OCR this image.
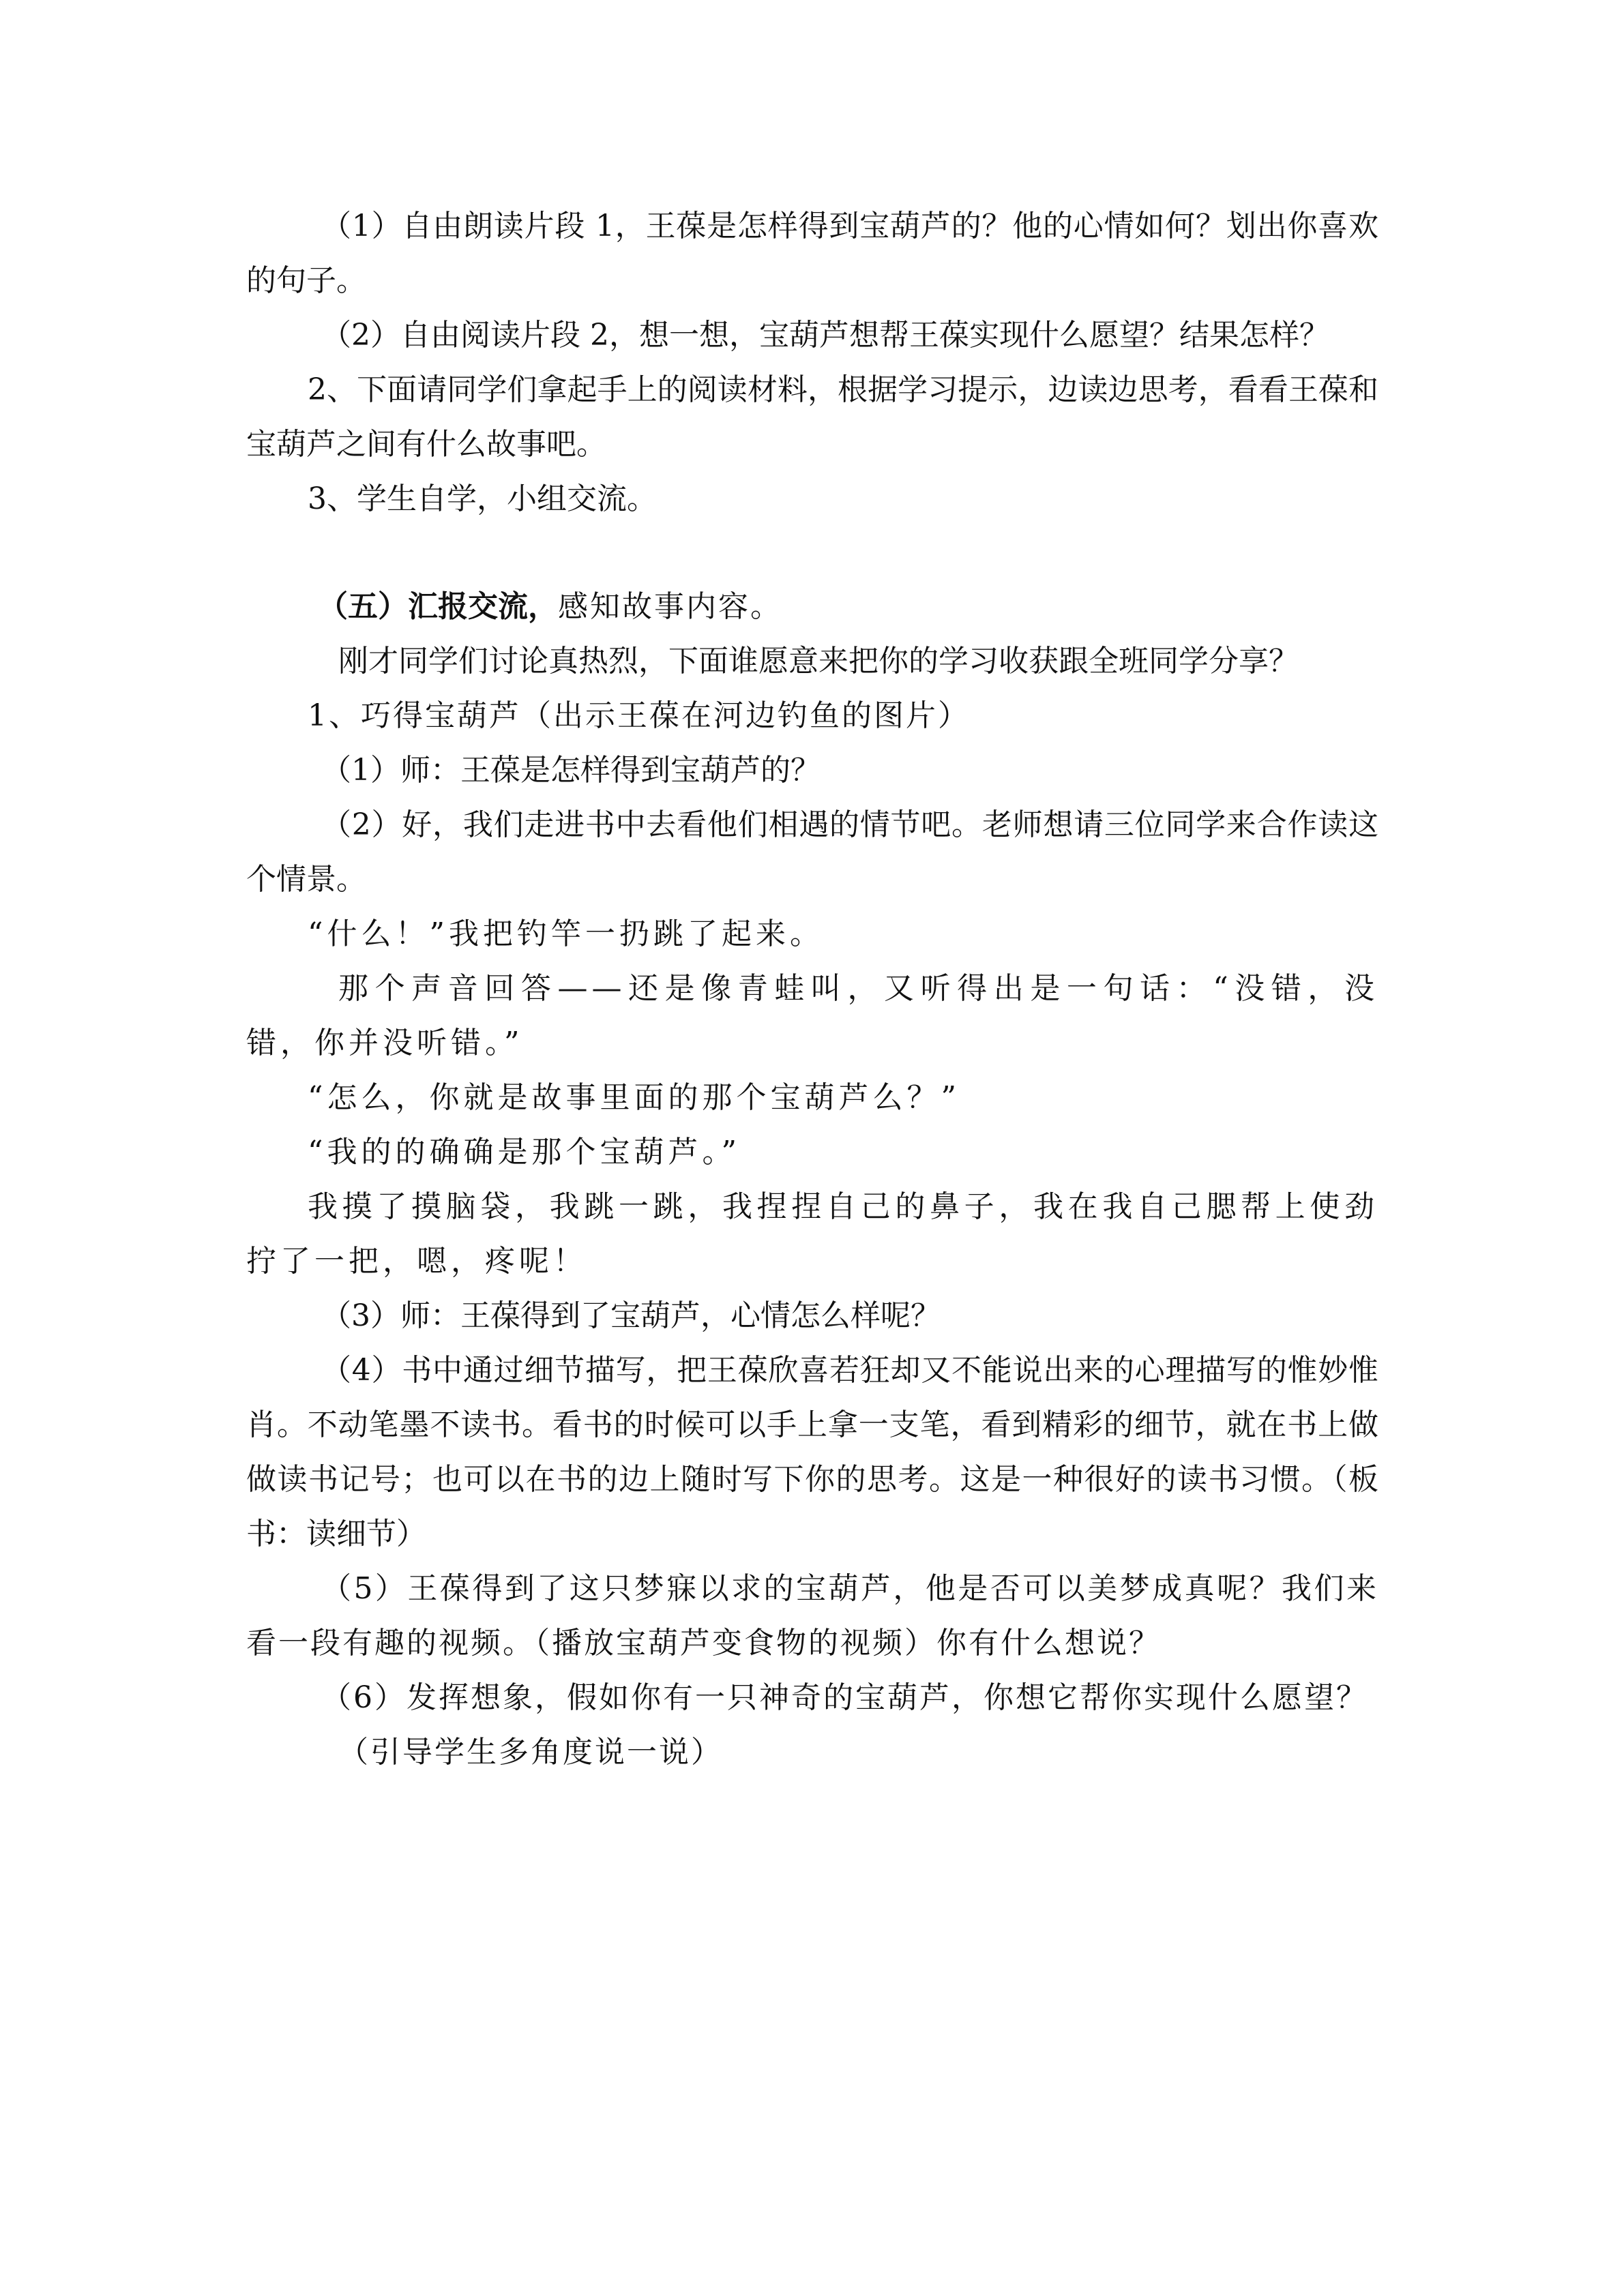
（1）自由朗读片段 1，王葆是怎样得到宝葫芦的？他的心情如何？划出你喜欢的句子。

（2）自由阅读片段 2，想一想，宝葫芦想帮王葆实现什么愿望？结果怎样？

2、下面请同学们拿起手上的阅读材料，根据学习提示，边读边思考，看看王葆和宝葫芦之间有什么故事吧。

3、学生自学，小组交流。

（五）汇报交流，感知故事内容。

刚才同学们讨论真热烈，下面谁愿意来把你的学习收获跟全班同学分享？

1、巧得宝葫芦（出示王葆在河边钓鱼的图片）

（1）师：王葆是怎样得到宝葫芦的？

（2）好，我们走进书中去看他们相遇的情节吧。老师想请三位同学来合作读这个情景。

“什么！”我把钓竿一扔跳了起来。

那个声音回答——还是像青蛙叫，又听得出是一句话：“没错，没错，你并没听错。”

“怎么，你就是故事里面的那个宝葫芦么？”

“我的的确确是那个宝葫芦。”

我摸了摸脑袋，我跳一跳，我捏捏自己的鼻子，我在我自己腮帮上使劲拧了一把，嗯，疼呢！

（3）师：王葆得到了宝葫芦，心情怎么样呢？

（4）书中通过细节描写，把王葆欣喜若狂却又不能说出来的心理描写的惟妙惟肖。不动笔墨不读书。看书的时候可以手上拿一支笔，看到精彩的细节，就在书上做做读书记号；也可以在书的边上随时写下你的思考。这是一种很好的读书习惯。（板书：读细节）

（5）王葆得到了这只梦寐以求的宝葫芦，他是否可以美梦成真呢？我们来看一段有趣的视频。（播放宝葫芦变食物的视频）你有什么想说？

（6）发挥想象，假如你有一只神奇的宝葫芦，你想它帮你实现什么愿望？

（引导学生多角度说一说）
